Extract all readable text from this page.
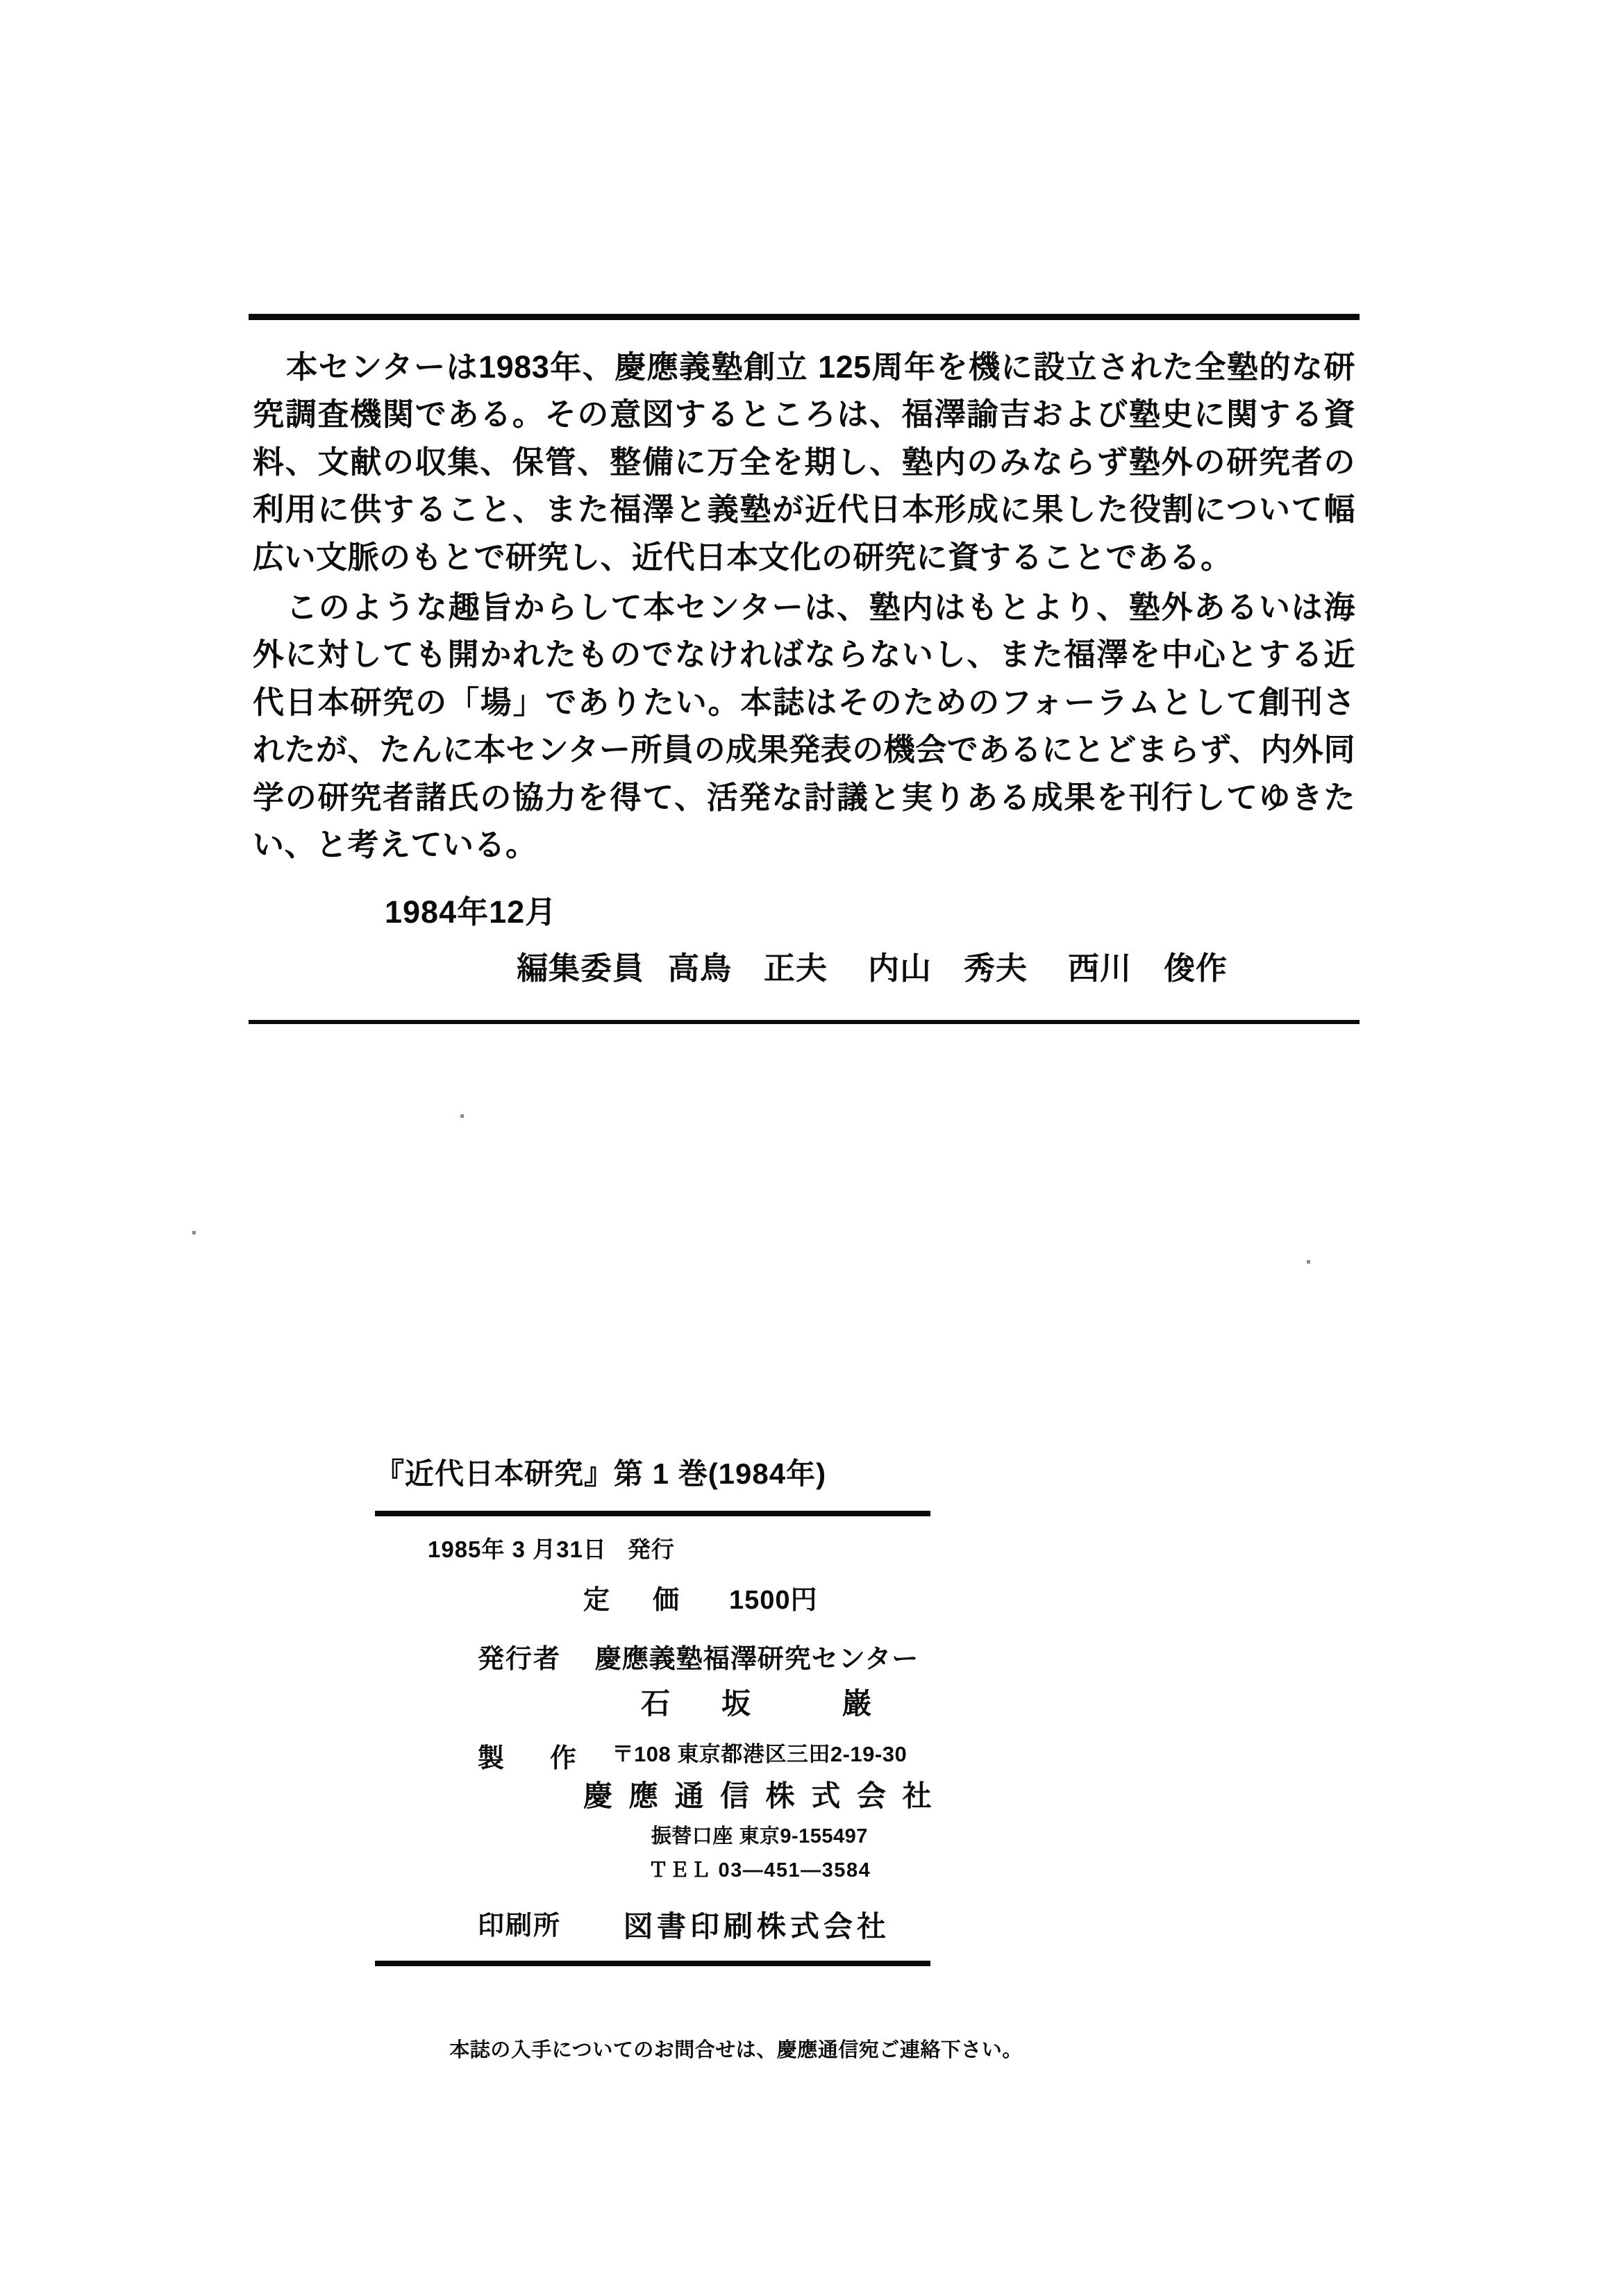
本センターは1983年、慶應義塾創立 125周年を機に設立された全塾的な研究調査機関である。その意図するところは、福澤諭吉および塾史に関する資料、文献の収集、保管、整備に万全を期し、塾内のみならず塾外の研究者の利用に供すること、また福澤と義塾が近代日本形成に果した役割について幅広い文脈のもとで研究し、近代日本文化の研究に資することである。

このような趣旨からして本センターは、塾内はもとより、塾外あるいは海外に対しても開かれたものでなければならないし、また福澤を中心とする近代日本研究の「場」でありたい。本誌はそのためのフォーラムとして創刊されたが、たんに本センター所員の成果発表の機会であるにとどまらず、内外同学の研究者諸氏の協力を得て、活発な討議と実りある成果を刊行してゆきたい、と考えている。

1984年12月
編集委員 高鳥　正夫 内山　秀夫 西川　俊作
『近代日本研究』第 1 巻(1984年)
1985年 3 月31日 発行
定　価 1500円
発行者	慶應義塾福澤研究センター
石　坂　　巌
製　作	〒108 東京都港区三田2-19-30
慶 應 通 信 株 式 会 社
振替口座 東京9-155497
ＴＥＬ 03—451—3584
印刷所	図書印刷株式会社
本誌の入手についてのお問合せは、慶應通信宛ご連絡下さい。
